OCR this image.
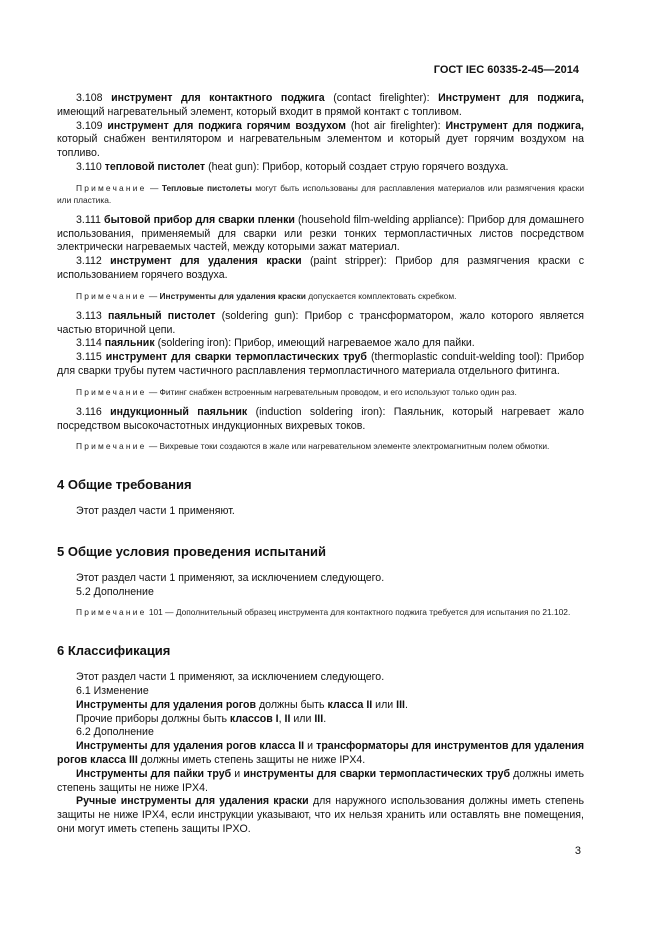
ГОСТ IEC 60335-2-45—2014

3.108 инструмент для контактного поджига (contact firelighter): Инструмент для поджига, имеющий нагревательный элемент, который входит в прямой контакт с топливом.

3.109 инструмент для поджига горячим воздухом (hot air firelighter): Инструмент для поджига, который снабжен вентилятором и нагревательным элементом и который дует горячим воздухом на топливо.

3.110 тепловой пистолет (heat gun): Прибор, который создает струю горячего воздуха.

Примечание — Тепловые пистолеты могут быть использованы для расплавления материалов или размягчения краски или пластика.

3.111 бытовой прибор для сварки пленки (household film-welding appliance): Прибор для домашнего использования, применяемый для сварки или резки тонких термопластичных листов посредством электрически нагреваемых частей, между которыми зажат материал.

3.112 инструмент для удаления краски (paint stripper): Прибор для размягчения краски с использованием горячего воздуха.

Примечание — Инструменты для удаления краски допускается комплектовать скребком.

3.113 паяльный пистолет (soldering gun): Прибор с трансформатором, жало которого является частью вторичной цепи.

3.114 паяльник (soldering iron): Прибор, имеющий нагреваемое жало для пайки.

3.115 инструмент для сварки термопластических труб (thermoplastic conduit-welding tool): Прибор для сварки трубы путем частичного расплавления термопластичного материала отдельного фитинга.

Примечание — Фитинг снабжен встроенным нагревательным проводом, и его используют только один раз.

3.116 индукционный паяльник (induction soldering iron): Паяльник, который нагревает жало посредством высокочастотных индукционных вихревых токов.

Примечание — Вихревые токи создаются в жале или нагревательном элементе электромагнитным полем обмотки.

4 Общие требования

Этот раздел части 1 применяют.

5 Общие условия проведения испытаний

Этот раздел части 1 применяют, за исключением следующего.

5.2 Дополнение

Примечание 101 — Дополнительный образец инструмента для контактного поджига требуется для испытания по 21.102.

6 Классификация

Этот раздел части 1 применяют, за исключением следующего.

6.1 Изменение

Инструменты для удаления рогов должны быть класса II или III.

Прочие приборы должны быть классов I, II или III.

6.2 Дополнение

Инструменты для удаления рогов класса II и трансформаторы для инструментов для удаления рогов класса III должны иметь степень защиты не ниже IPX4.

Инструменты для пайки труб и инструменты для сварки термопластических труб должны иметь степень защиты не ниже IPX4.

Ручные инструменты для удаления краски для наружного использования должны иметь степень защиты не ниже IPX4, если инструкции указывают, что их нельзя хранить или оставлять вне помещения, они могут иметь степень защиты IPXO.

3
